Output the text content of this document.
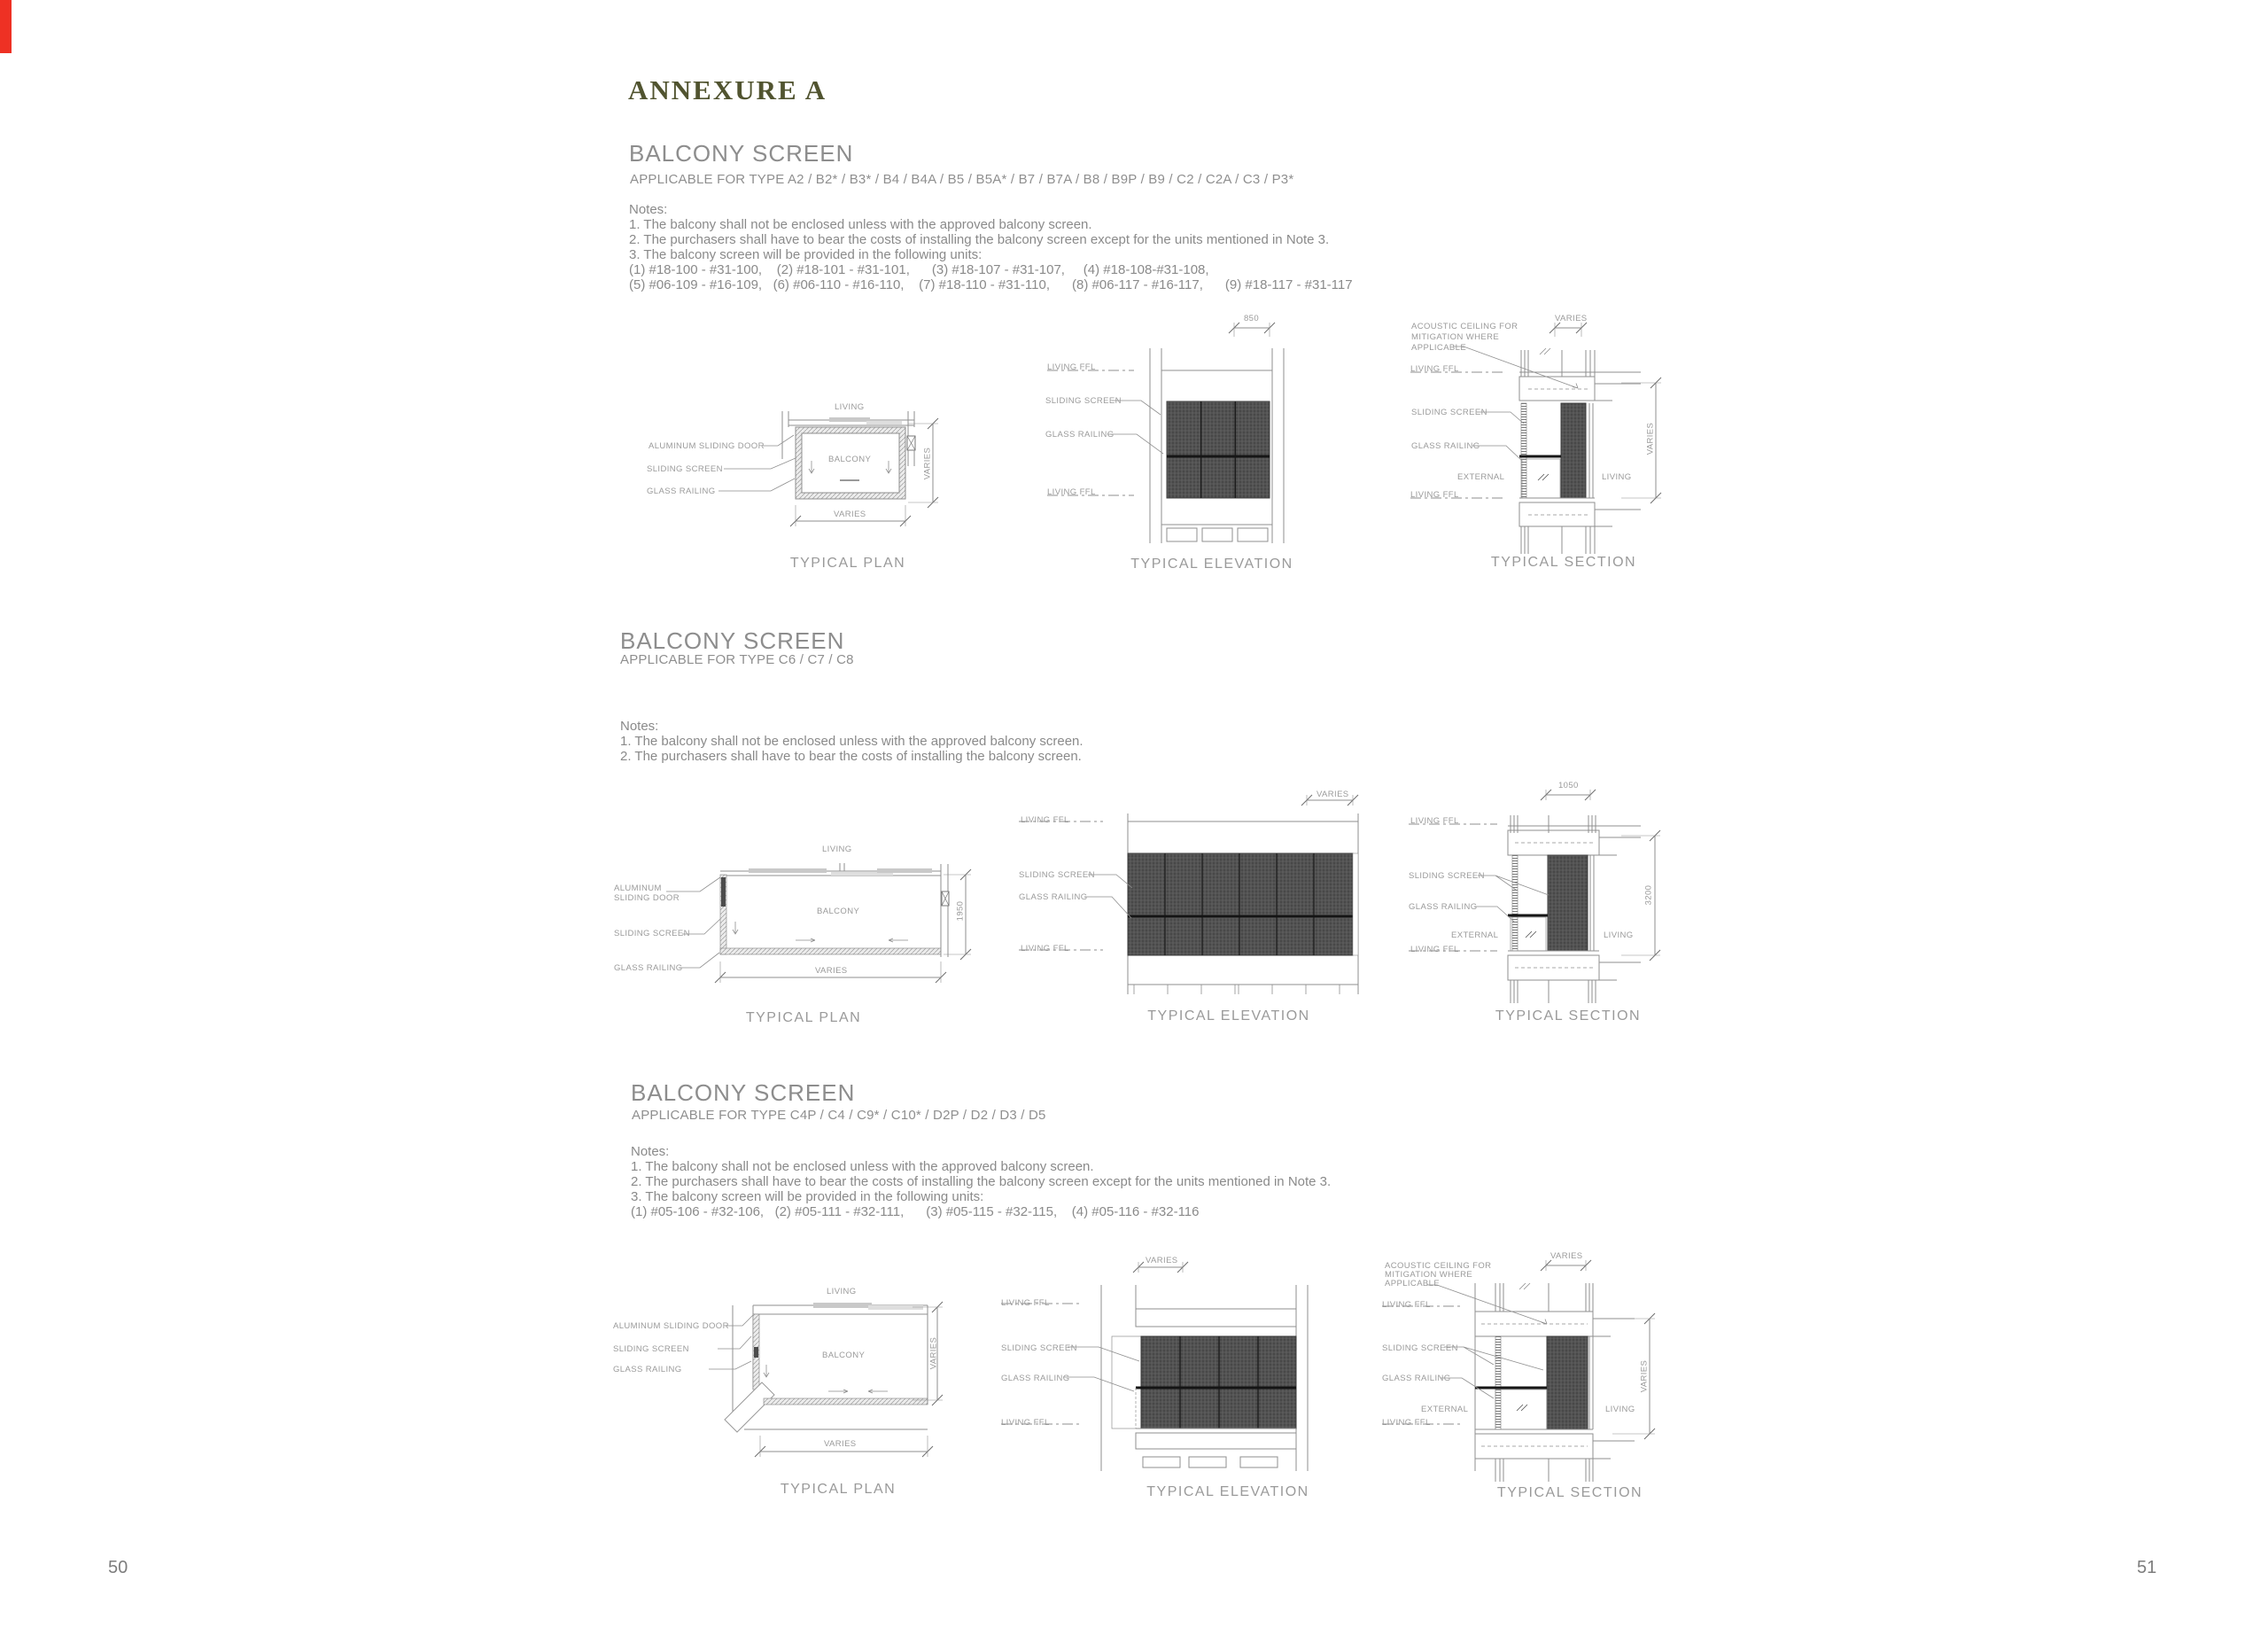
ANNEXURE A
BALCONY SCREEN
APPLICABLE FOR TYPE A2 / B2* / B3* / B4 / B4A / B5 / B5A* / B7 / B7A / B8 / B9P / B9 / C2 / C2A / C3 / P3*
Notes:
1. The balcony shall not be enclosed unless with the approved balcony screen.
2. The purchasers shall have to bear the costs of installing the balcony screen except for the units mentioned in Note 3.
3. The balcony screen will be provided in the following units:
(1) #18-100 - #31-100,    (2) #18-101 - #31-101,      (3) #18-107 - #31-107,     (4) #18-108-#31-108,
(5) #06-109 - #16-109,   (6) #06-110 - #16-110,    (7) #18-110 - #31-110,      (8) #06-117 - #16-117,      (9) #18-117 - #31-117
LIVING
ALUMINUM SLIDING DOOR
SLIDING SCREEN
GLASS RAILING
BALCONY	VARIES
VARIES
TYPICAL PLAN
850
LIVING FFL
SLIDING SCREEN
GLASS RAILING
LIVING FFL
TYPICAL ELEVATION
VARIES
ACOUSTIC CEILING FOR
MITIGATION WHERE
APPLICABLE
LIVING FFL
SLIDING SCREEN
GLASS RAILING
EXTERNAL	LIVING
LIVING FFL
VARIES
TYPICAL SECTION
BALCONY SCREEN
APPLICABLE FOR TYPE C6 / C7 / C8
Notes:
1. The balcony shall not be enclosed unless with the approved balcony screen.
2. The purchasers shall have to bear the costs of installing the balcony screen.
LIVING
ALUMINUM
SLIDING DOOR
SLIDING SCREEN
GLASS RAILING
BALCONY	1950
VARIES
TYPICAL PLAN
VARIES
LIVING FFL
SLIDING SCREEN
GLASS RAILING
LIVING FFL
TYPICAL ELEVATION
1050
LIVING FFL
SLIDING SCREEN
GLASS RAILING
EXTERNAL	LIVING
LIVING FFL
3200
TYPICAL SECTION
BALCONY SCREEN
APPLICABLE FOR TYPE C4P / C4 / C9* / C10* / D2P / D2 / D3 / D5
Notes:
1. The balcony shall not be enclosed unless with the approved balcony screen.
2. The purchasers shall have to bear the costs of installing the balcony screen except for the units mentioned in Note 3.
3. The balcony screen will be provided in the following units:
(1) #05-106 - #32-106,   (2) #05-111 - #32-111,      (3) #05-115 - #32-115,    (4) #05-116 - #32-116
LIVING
ALUMINUM SLIDING DOOR
SLIDING SCREEN
GLASS RAILING
BALCONY	VARIES
VARIES
TYPICAL PLAN
VARIES
LIVING FFL
SLIDING SCREEN
GLASS RAILING
LIVING FFL
TYPICAL ELEVATION
ACOUSTIC CEILING FOR
MITIGATION WHERE
APPLICABLE
VARIES
LIVING FFL
SLIDING SCREEN
GLASS RAILING
EXTERNAL	LIVING
LIVING FFL
VARIES
TYPICAL SECTION
50	51
